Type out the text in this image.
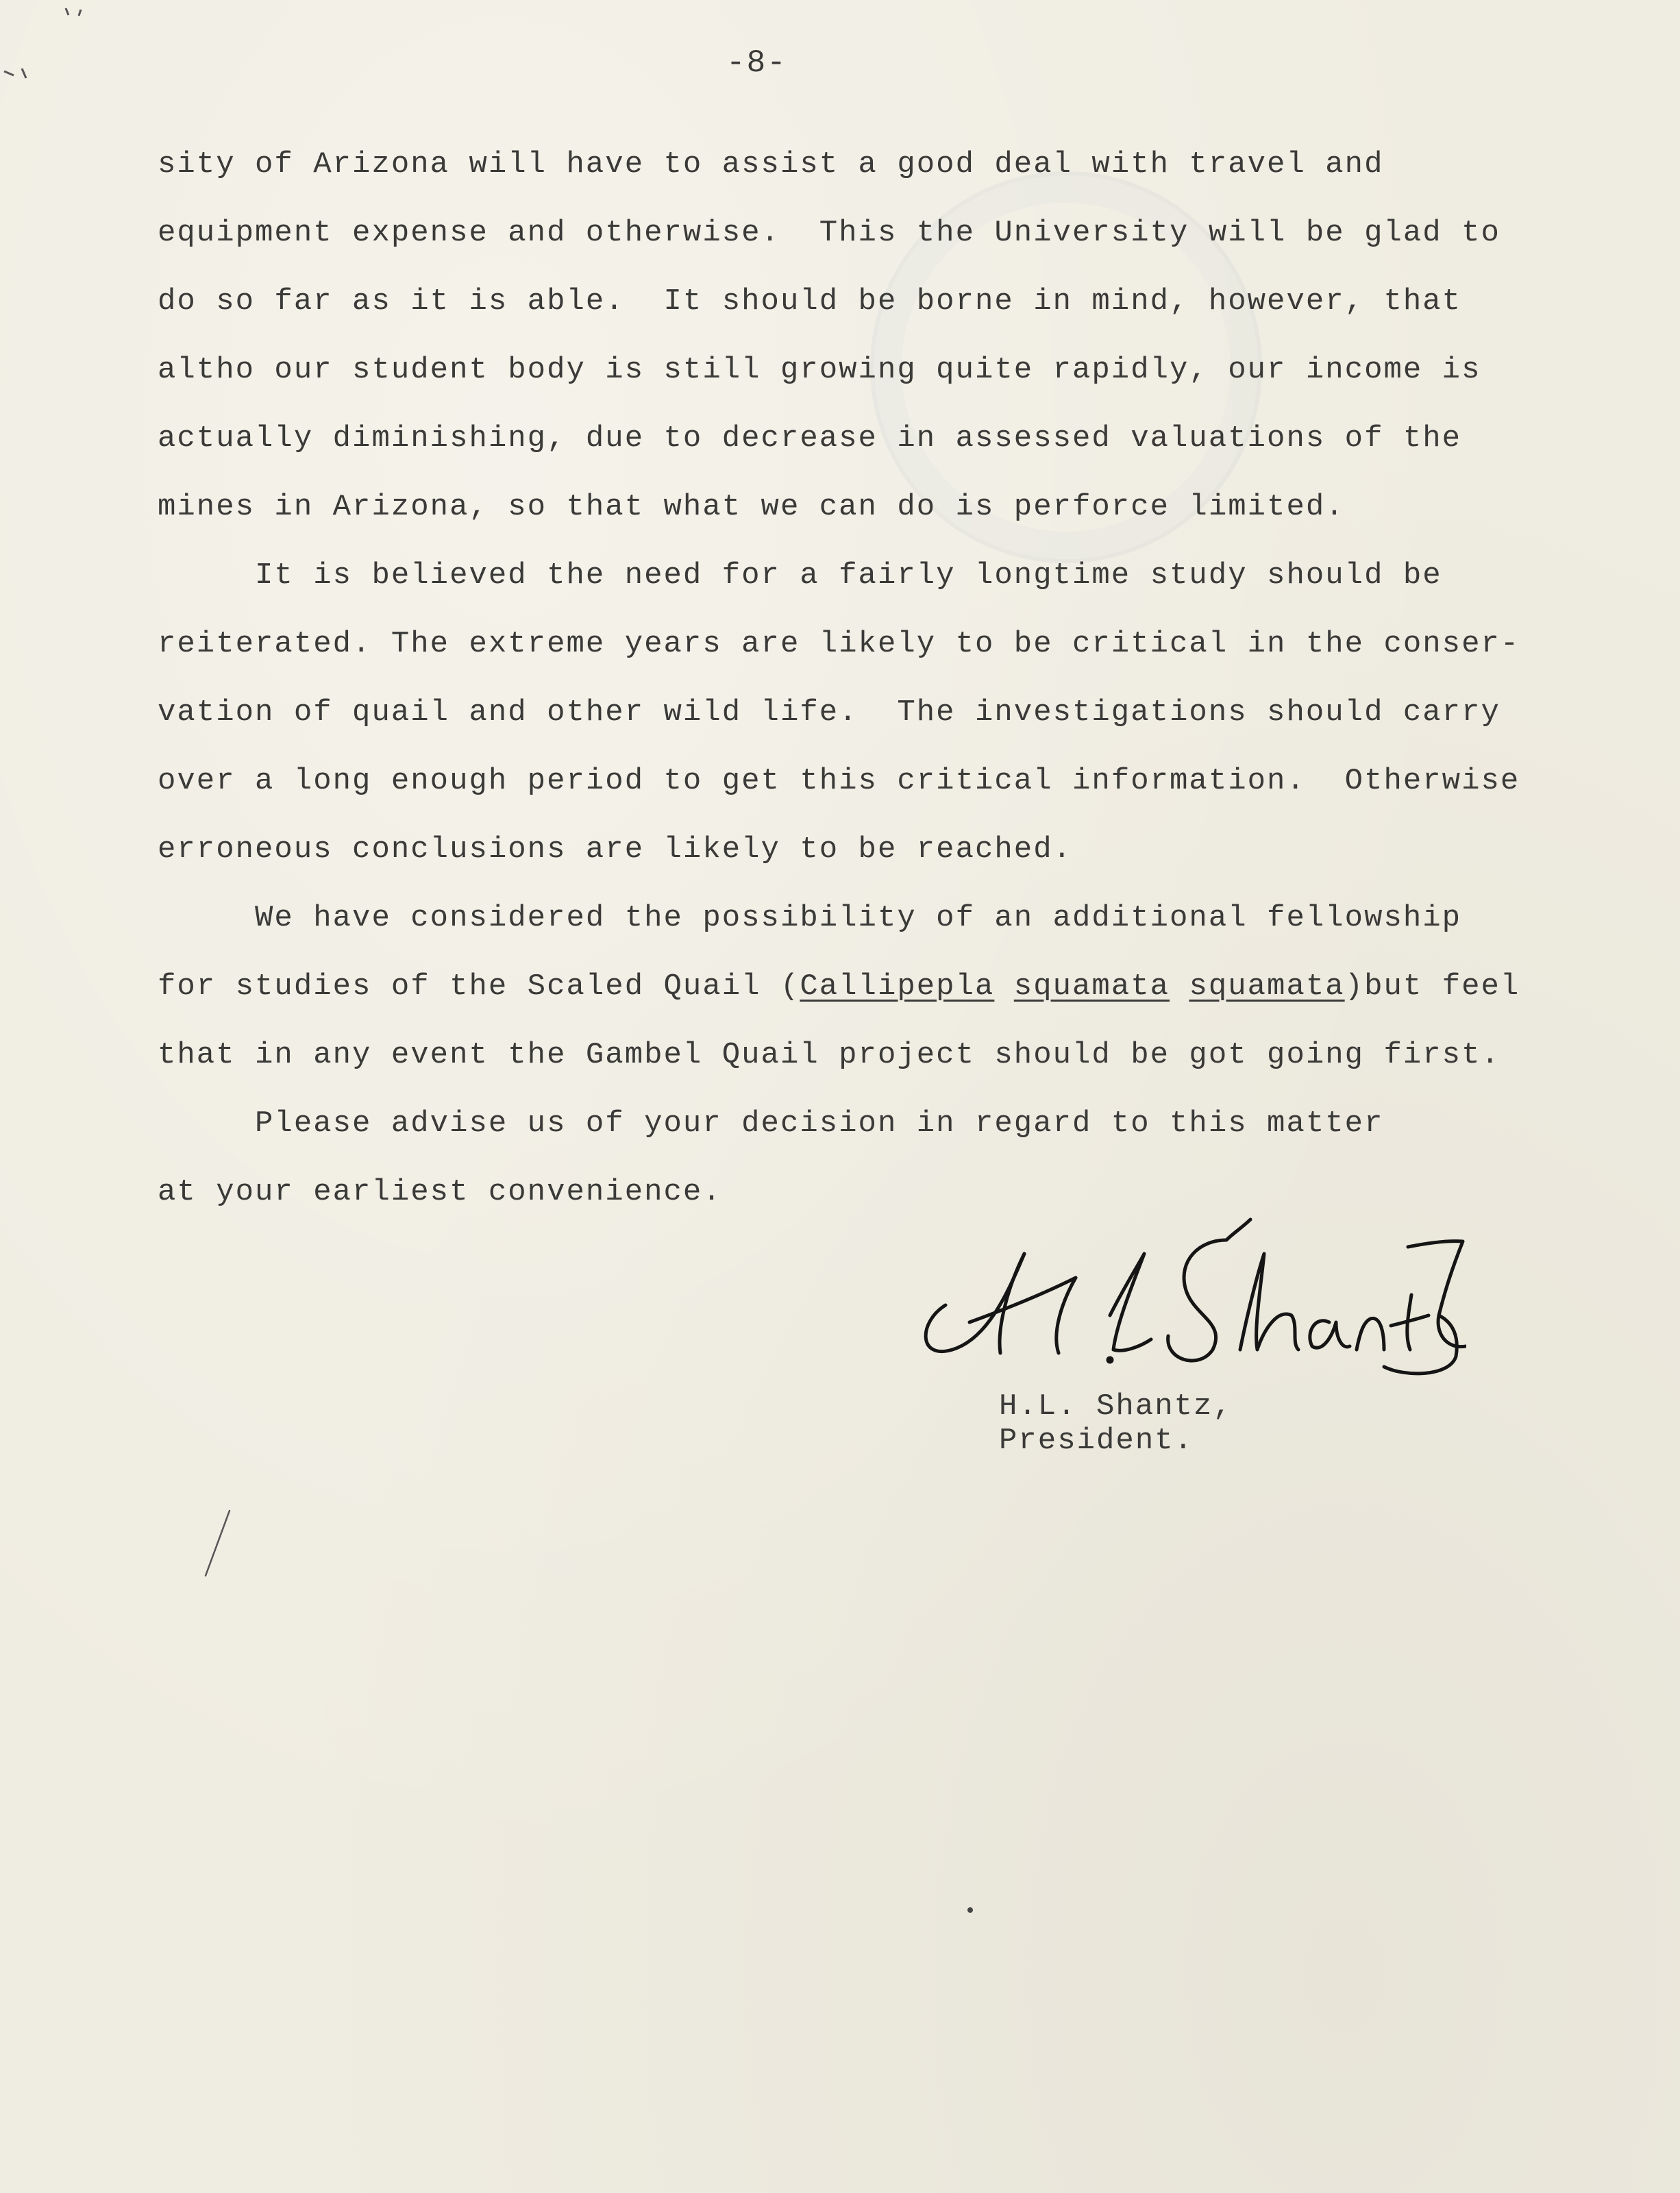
-8-
sity of Arizona will have to assist a good deal with travel and
equipment expense and otherwise.  This the University will be glad to
do so far as it is able.  It should be borne in mind, however, that
altho our student body is still growing quite rapidly, our income is
actually diminishing, due to decrease in assessed valuations of the
mines in Arizona, so that what we can do is perforce limited.
It is believed the need for a fairly longtime study should be
reiterated. The extreme years are likely to be critical in the conser-
vation of quail and other wild life.  The investigations should carry
over a long enough period to get this critical information.  Otherwise
erroneous conclusions are likely to be reached.
We have considered the possibility of an additional fellowship
for studies of the Scaled Quail (Callipepla squamata squamata)but feel
that in any event the Gambel Quail project should be got going first.
Please advise us of your decision in regard to this matter
at your earliest convenience.
H.L. Shantz,
President.
